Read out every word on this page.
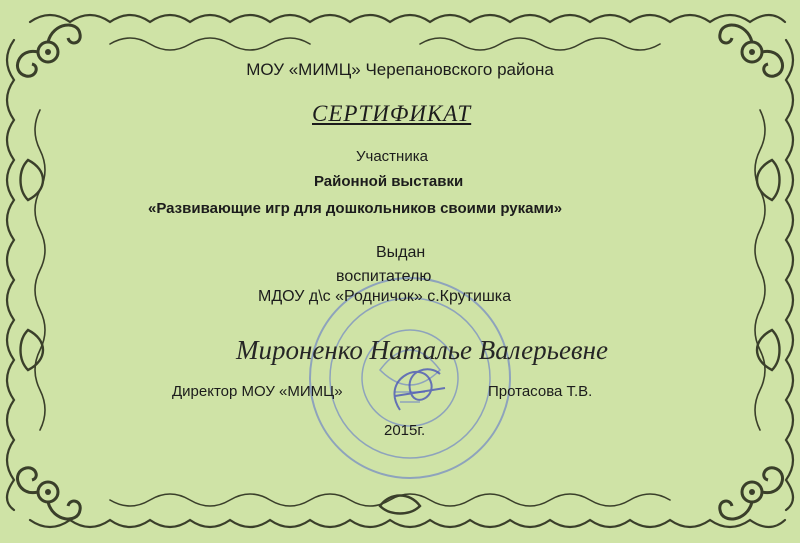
МОУ «МИМЦ» Черепановского района
СЕРТИФИКАТ
Участника
Районной выставки
«Развивающие игр для дошкольников своими руками»
Выдан
воспитателю
МДОУ д\с «Родничок» с.Крутишка
Мироненко Наталье Валерьевне
Директор МОУ «МИМЦ»	Протасова Т.В.
2015г.
